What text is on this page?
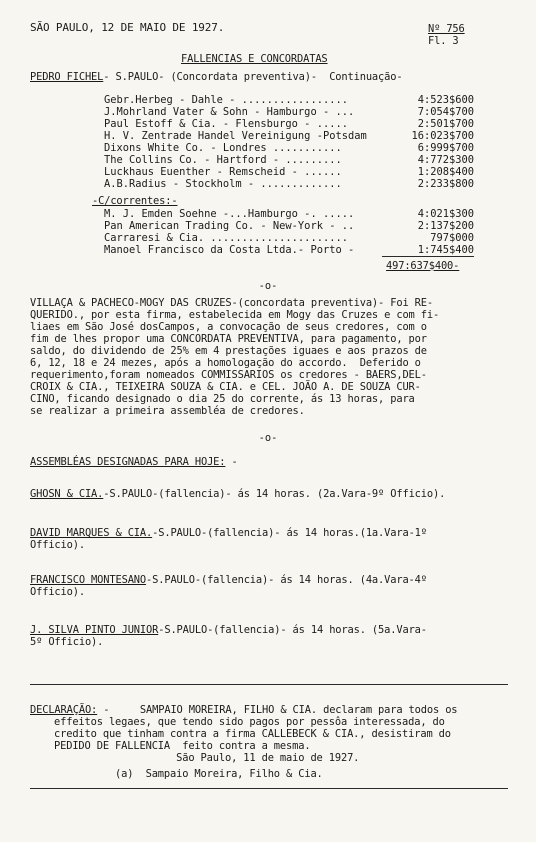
SÃO PAULO, 12 DE MAIO DE 1927.	Nº 756
Fl. 3
FALLENCIAS E CONCORDATAS
PEDRO FICHEL- S.PAULO- (Concordata preventiva)-  Continuação-
Gebr.Herbeg - Dahle - .................	4:523$600
J.Mohrland Vater & Sohn - Hamburgo - ...	7:054$700
Paul Estoff & Cia. - Flensburgo - .....	2:501$700
H. V. Zentrade Handel Vereinigung -Potsdam	16:023$700
Dixons White Co. - Londres ...........	6:999$700
The Collins Co. - Hartford - .........	4:772$300
Luckhaus Euenther - Remscheid - ......	1:208$400
A.B.Radius - Stockholm - .............	2:233$800
-C/correntes:-
M. J. Emden Soehne -...Hamburgo -. .....	4:021$300
Pan American Trading Co. - New-York - ..	2:137$200
Carraresi & Cia. ......................	797$000
Manoel Francisco da Costa Ltda.- Porto -	1:745$400
497:637$400-
-o-
VILLAÇA & PACHECO-MOGY DAS CRUZES-(concordata preventiva)- Foi RE-
QUERIDO., por esta firma, estabelecida em Mogy das Cruzes e com fi-
liaes em São José dosCampos, a convocação de seus credores, com o
fim de lhes propor uma CONCORDATA PREVENTIVA, para pagamento, por
saldo, do dividendo de 25% em 4 prestações iguaes e aos prazos de
6, 12, 18 e 24 mezes, após a homologação do accordo.  Deferido o
requerimento,foram nomeados COMMISSARIOS os credores - BAERS,DEL-
CROIX & CIA., TEIXEIRA SOUZA & CIA. e CEL. JOÃO A. DE SOUZA CUR-
CINO, ficando designado o dia 25 do corrente, ás 13 horas, para
se realizar a primeira assembléa de credores.
-o-
ASSEMBLÉAS DESIGNADAS PARA HOJE: -
GHOSN & CIA.-S.PAULO-(fallencia)- ás 14 horas. (2a.Vara-9º Officio).
DAVID MARQUES & CIA.-S.PAULO-(fallencia)- ás 14 horas.(1a.Vara-1º
Officio).
FRANCISCO MONTESANO-S.PAULO-(fallencia)- ás 14 horas. (4a.Vara-4º
Officio).
J. SILVA PINTO JUNIOR-S.PAULO-(fallencia)- ás 14 horas. (5a.Vara-
5º Officio).
DECLARAÇÃO: -     SAMPAIO MOREIRA, FILHO & CIA. declaram para todos os
effeitos legaes, que tendo sido pagos por pessôa interessada, do
credito que tinham contra a firma CALLEBECK & CIA., desistiram do
PEDIDO DE FALLENCIA  feito contra a mesma.
São Paulo, 11 de maio de 1927.
(a)  Sampaio Moreira, Filho & Cia.
